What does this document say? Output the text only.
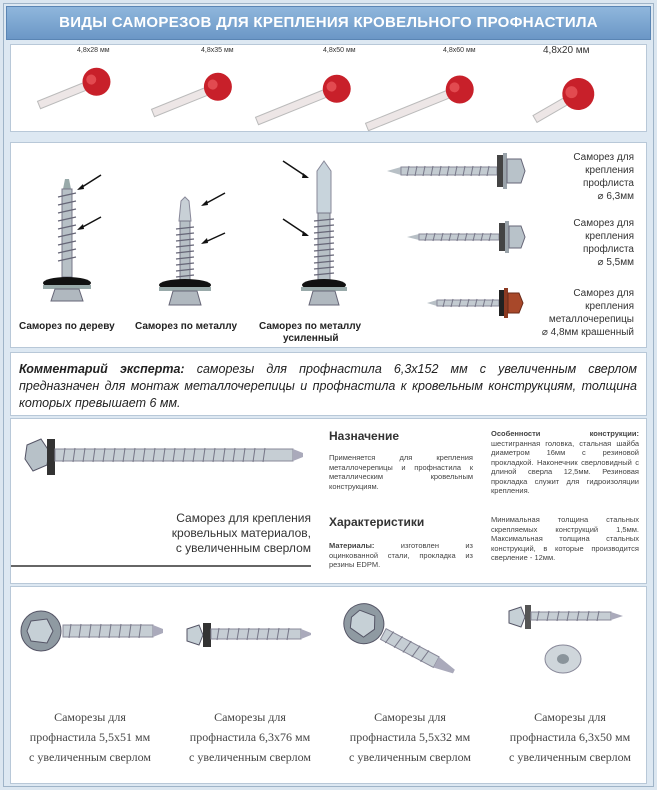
ВИДЫ САМОРЕЗОВ ДЛЯ КРЕПЛЕНИЯ КРОВЕЛЬНОГО ПРОФНАСТИЛА
4,8х28 мм	4,8х35 мм	4,8х50 мм	4,8х60 мм	4,8х20 мм
Саморез по дереву Саморез по металлу Саморез по металлу
усиленный
Саморез для
крепления
профлиста
⌀ 6,3мм
Саморез для
крепления
профлиста
⌀ 5,5мм
Саморез для
крепления
металлочерепицы
⌀ 4,8мм крашенный
Комментарий эксперта: саморезы для профнастила 6,3х152 мм с увеличенным сверлом предназначен для монтаж металлочерепицы и профнастила к кровельным конструкциям, толщина которых превышает 6 мм.
Саморез для крепления
кровельных материалов,
с увеличенным сверлом
Назначение
Применяется для крепления металлочерепицы и профнастила к металлическим кровельным конструкциям.
Характеристики
Материалы: изготовлен из оцинкованной стали, прокладка из резины EDPM.
Особенности конструкции: шестигранная головка, стальная шайба диаметром 16мм с резиновой прокладкой. Наконечник сверловидный с длиной сверла 12,5мм. Резиновая прокладка служит для гидроизоляции крепления.
Минимальная толщина стальных скрепляемых конструкций 1,5мм. Максимальная толщина стальных конструкций, в которые производится сверление - 12мм.
Саморезы для
профнастила 5,5х51 мм
с увеличенным сверлом
Саморезы для
профнастила 6,3х76 мм
с увеличенным сверлом
Саморезы для
профнастила 5,5х32 мм
с увеличенным сверлом
Саморезы для
профнастила 6,3х50 мм
с увеличенным сверлом
